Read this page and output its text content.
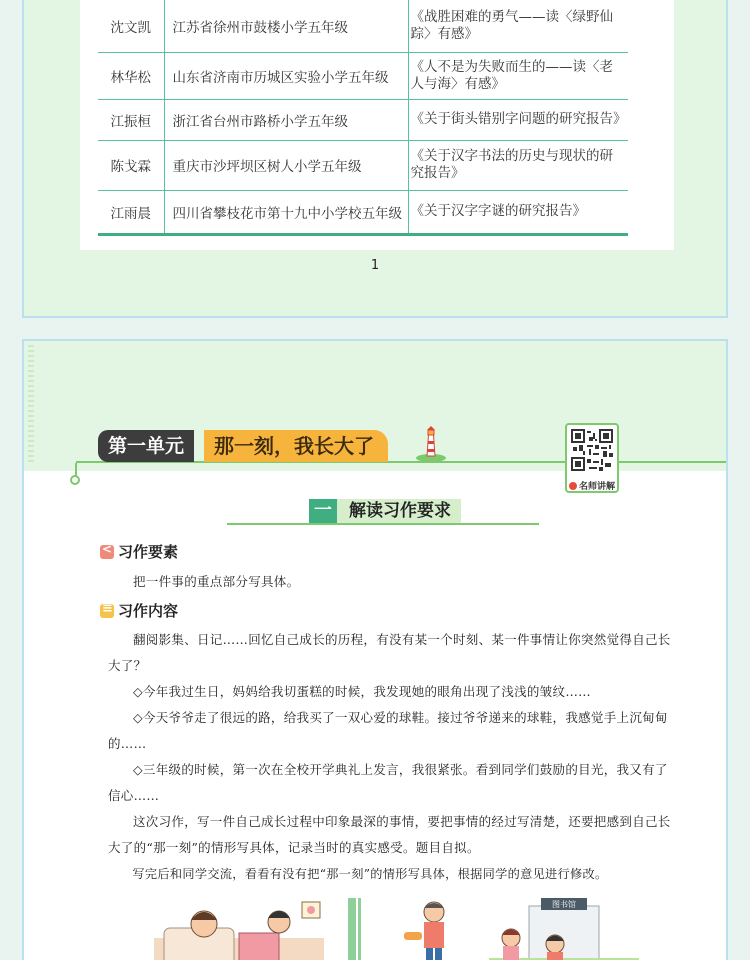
沈文凯	江苏省徐州市鼓楼小学五年级	《战胜困难的勇气——读〈绿野仙踪〉有感》
林华松	山东省济南市历城区实验小学五年级	《人不是为失败而生的——读〈老人与海〉有感》
江振桓	浙江省台州市路桥小学五年级	《关于街头错别字问题的研究报告》
陈戈霖	重庆市沙坪坝区树人小学五年级	《关于汉字书法的历史与现状的研究报告》
江雨晨	四川省攀枝花市第十九中小学校五年级	《关于汉字字谜的研究报告》
1
第一单元	那一刻，我长大了
名师讲解
一	解读习作要求
<习作要素
把一件事的重点部分写具体。
≡习作内容
翻阅影集、日记……回忆自己成长的历程，有没有某一个时刻、某一件事情让你突然觉得自己长大了？
◇今年我过生日，妈妈给我切蛋糕的时候，我发现她的眼角出现了浅浅的皱纹……
◇今天爷爷走了很远的路，给我买了一双心爱的球鞋。接过爷爷递来的球鞋，我感觉手上沉甸甸的……
◇三年级的时候，第一次在全校开学典礼上发言，我很紧张。看到同学们鼓励的目光，我又有了信心……
这次习作，写一件自己成长过程中印象最深的事情，要把事情的经过写清楚，还要把感到自己长大了的“那一刻”的情形写具体，记录当时的真实感受。题目自拟。
写完后和同学交流，看看有没有把“那一刻”的情形写具体，根据同学的意见进行修改。
图书馆
